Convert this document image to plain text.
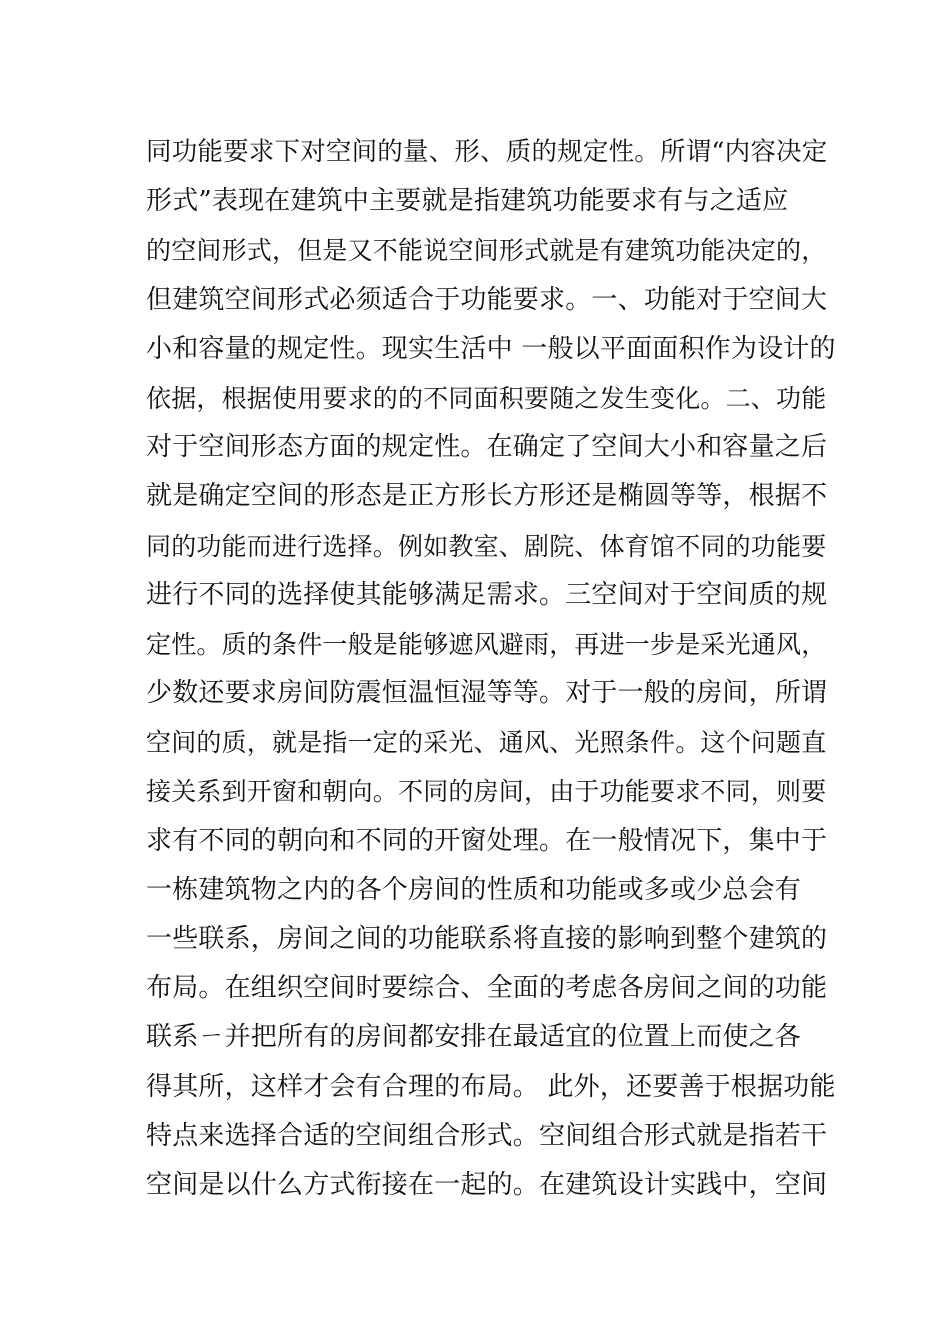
同功能要求下对空间的量、形、质的规定性。所谓“内容决定
形式”表现在建筑中主要就是指建筑功能要求有与之适应
的空间形式，但是又不能说空间形式就是有建筑功能决定的，
但建筑空间形式必须适合于功能要求。一、功能对于空间大
小和容量的规定性。现实生活中 一般以平面面积作为设计的
依据，根据使用要求的的不同面积要随之发生变化。二、功能
对于空间形态方面的规定性。在确定了空间大小和容量之后
就是确定空间的形态是正方形长方形还是椭圆等等，根据不
同的功能而进行选择。例如教室、剧院、体育馆不同的功能要
进行不同的选择使其能够满足需求。三空间对于空间质的规
定性。质的条件一般是能够遮风避雨，再进一步是采光通风，
少数还要求房间防震恒温恒湿等等。对于一般的房间，所谓
空间的质，就是指一定的采光、通风、光照条件。这个问题直
接关系到开窗和朝向。不同的房间，由于功能要求不同，则要
求有不同的朝向和不同的开窗处理。在一般情况下，集中于
一栋建筑物之内的各个房间的性质和功能或多或少总会有
一些联系，房间之间的功能联系将直接的影响到整个建筑的
布局。在组织空间时要综合、全面的考虑各房间之间的功能
联系ㄧ并把所有的房间都安排在最适宜的位置上而使之各
得其所，这样才会有合理的布局。 此外，还要善于根据功能
特点来选择合适的空间组合形式。空间组合形式就是指若干
空间是以什么方式衔接在一起的。在建筑设计实践中，空间
